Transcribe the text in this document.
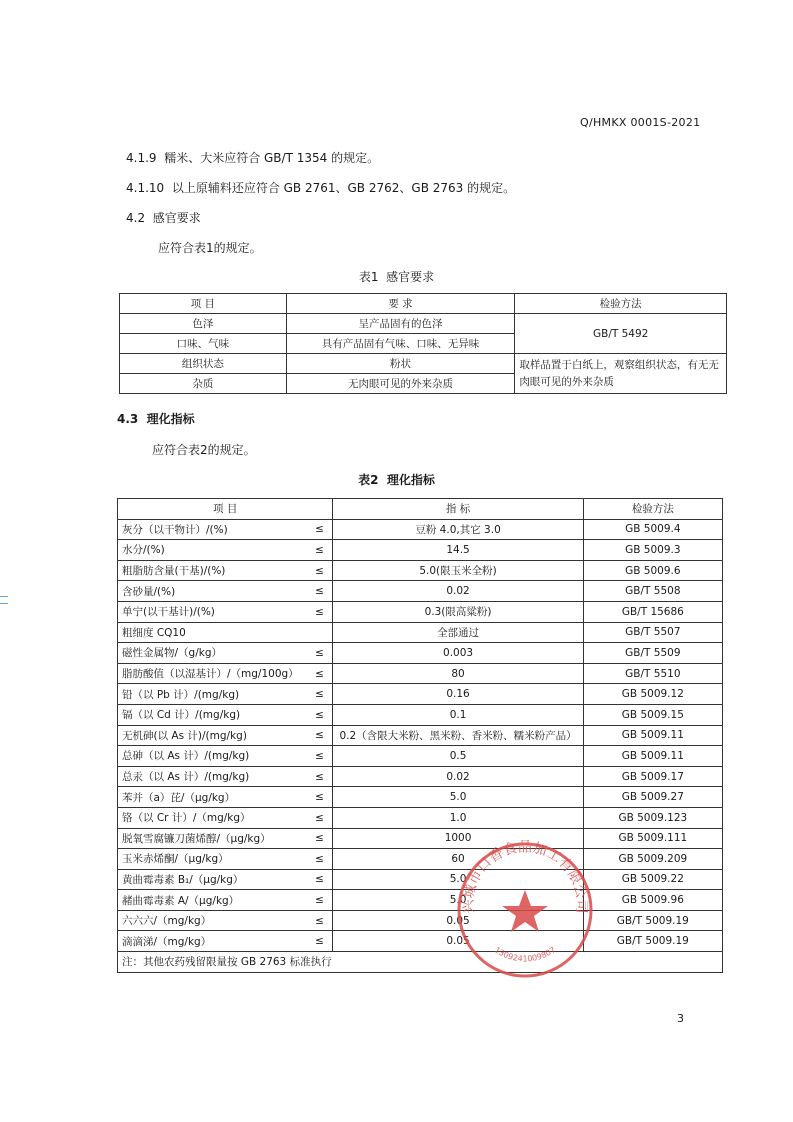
Q/HMKX 0001S-2021
4.1.9 糯米、大米应符合 GB/T 1354 的规定。
4.1.10 以上原辅料还应符合 GB 2761、GB 2762、GB 2763 的规定。
4.2 感官要求
应符合表1的规定。
表1 感官要求
项 目	要 求	检验方法
色泽	呈产品固有的色泽	GB/T 5492
口味、气味	具有产品固有气味、口味、无异味	
组织状态	粉状	取样品置于白纸上，观察组织状态，有无无肉眼可见的外来杂质
杂质	无肉眼可见的外来杂质	
4.3 理化指标
应符合表2的规定。
表2 理化指标
项 目		指 标	检验方法
灰分（以干物计）/(%)	≤	豆粉 4.0,其它 3.0	GB 5009.4
水分/(%)	≤	14.5	GB 5009.3
粗脂肪含量(干基)/(%)	≤	5.0(限玉米全粉)	GB 5009.6
含砂量/(%)	≤	0.02	GB/T 5508
单宁(以干基计)/(%)	≤	0.3(限高粱粉)	GB/T 15686
粗细度 CQ10		全部通过	GB/T 5507
磁性金属物/（g/kg）	≤	0.003	GB/T 5509
脂肪酸值（以湿基计）/（mg/100g）	≤	80	GB/T 5510
铅（以 Pb 计）/(mg/kg)	≤	0.16	GB 5009.12
镉（以 Cd 计）/(mg/kg)	≤	0.1	GB 5009.15
无机砷(以 As 计)/(mg/kg)	≤	0.2（含限大米粉、黑米粉、香米粉、糯米粉产品）	GB 5009.11
总砷（以 As 计）/(mg/kg)	≤	0.5	GB 5009.11
总汞（以 As 计）/(mg/kg)	≤	0.02	GB 5009.17
苯并（a）芘/（μg/kg）	≤	5.0	GB 5009.27
铬（以 Cr 计）/（mg/kg）	≤	1.0	GB 5009.123
脱氧雪腐镰刀菌烯醇/（μg/kg）	≤	1000	GB 5009.111
玉米赤烯酮/（μg/kg）	≤	60	GB 5009.209
黄曲霉毒素 B₁/（μg/kg）	≤	5.0	GB 5009.22
赭曲霉毒素 A/（μg/kg）	≤	5.0	GB 5009.96
六六六/（mg/kg）	≤	0.05	GB/T 5009.19
滴滴涕/（mg/kg）	≤	0.05	GB/T 5009.19
注：其他农药残留限量按 GB 2763 标准执行			
兴城市口香食品加工有限公司
1309241009807
3
